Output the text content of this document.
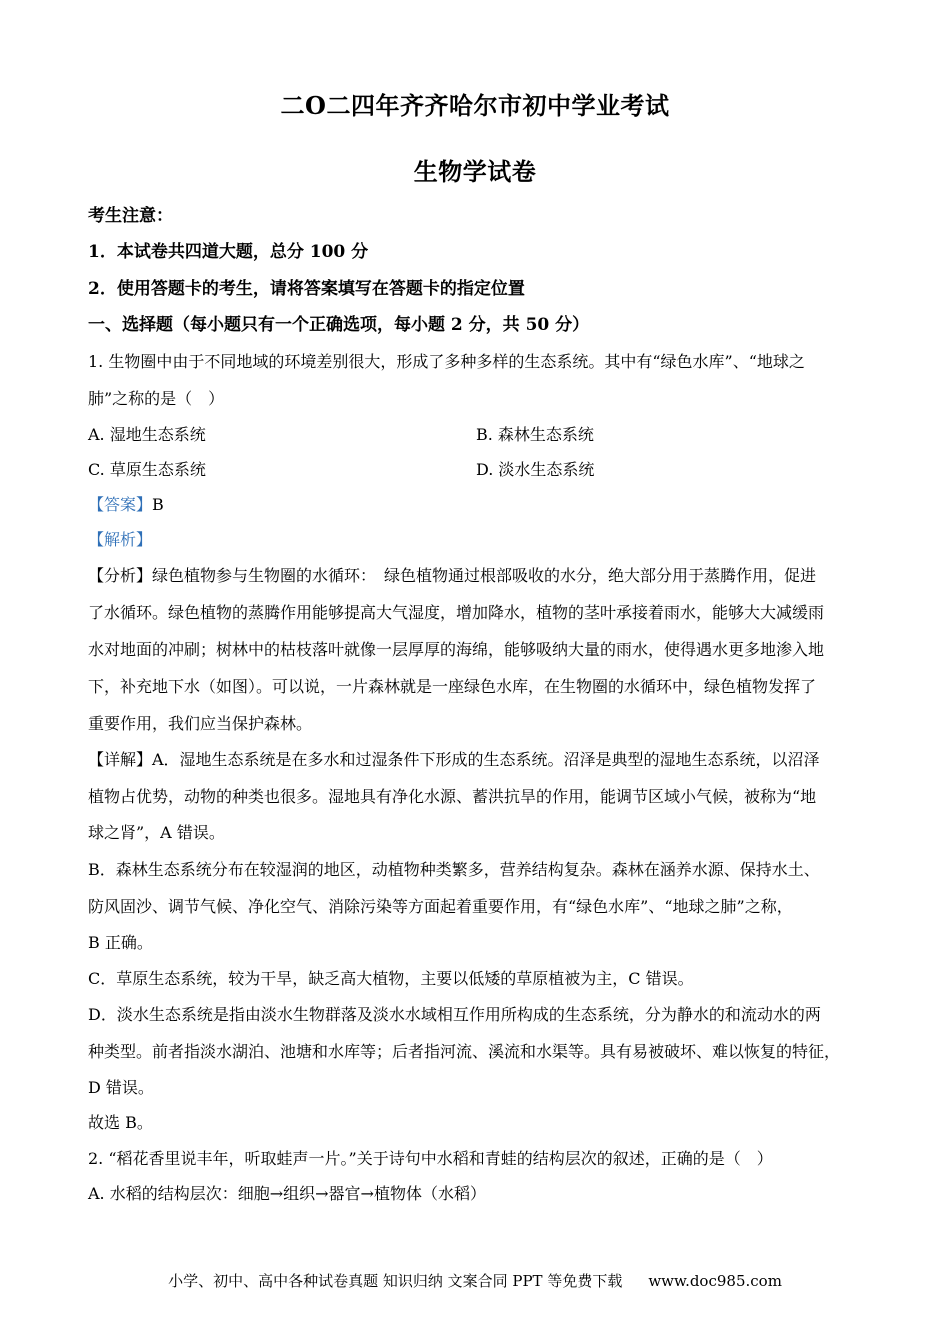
二O二四年齐齐哈尔市初中学业考试
生物学试卷
考生注意：
1．本试卷共四道大题，总分 100 分
2．使用答题卡的考生，请将答案填写在答题卡的指定位置
一、选择题（每小题只有一个正确选项，每小题 2 分，共 50 分）
1. 生物圈中由于不同地域的环境差别很大，形成了多种多样的生态系统。其中有“绿色水库”、“地球之
肺”之称的是（　）
A. 湿地生态系统	B. 森林生态系统
C. 草原生态系统	D. 淡水生态系统
【答案】B
【解析】
【分析】绿色植物参与生物圈的水循环：　绿色植物通过根部吸收的水分，绝大部分用于蒸腾作用，促进
了水循环。绿色植物的蒸腾作用能够提高大气湿度，增加降水，植物的茎叶承接着雨水，能够大大减缓雨
水对地面的冲刷；树林中的枯枝落叶就像一层厚厚的海绵，能够吸纳大量的雨水，使得遇水更多地渗入地
下，补充地下水（如图）。可以说，一片森林就是一座绿色水库，在生物圈的水循环中，绿色植物发挥了
重要作用，我们应当保护森林。
【详解】A．湿地生态系统是在多水和过湿条件下形成的生态系统。沼泽是典型的湿地生态系统，以沼泽
植物占优势，动物的种类也很多。湿地具有净化水源、蓄洪抗旱的作用，能调节区域小气候，被称为“地
球之肾”，A 错误。
B．森林生态系统分布在较湿润的地区，动植物种类繁多，营养结构复杂。森林在涵养水源、保持水土、
防风固沙、调节气候、净化空气、消除污染等方面起着重要作用，有“绿色水库”、“地球之肺”之称，
B 正确。
C．草原生态系统，较为干旱，缺乏高大植物，主要以低矮的草原植被为主，C 错误。
D．淡水生态系统是指由淡水生物群落及淡水水域相互作用所构成的生态系统，分为静水的和流动水的两
种类型。前者指淡水湖泊、池塘和水库等；后者指河流、溪流和水渠等。具有易被破坏、难以恢复的特征，
D 错误。
故选 B。
2. “稻花香里说丰年，听取蛙声一片。”关于诗句中水稻和青蛙的结构层次的叙述，正确的是（　）
A. 水稻的结构层次：细胞→组织→器官→植物体（水稻）
小学、初中、高中各种试卷真题 知识归纳 文案合同 PPT 等免费下载 www.doc985.com
